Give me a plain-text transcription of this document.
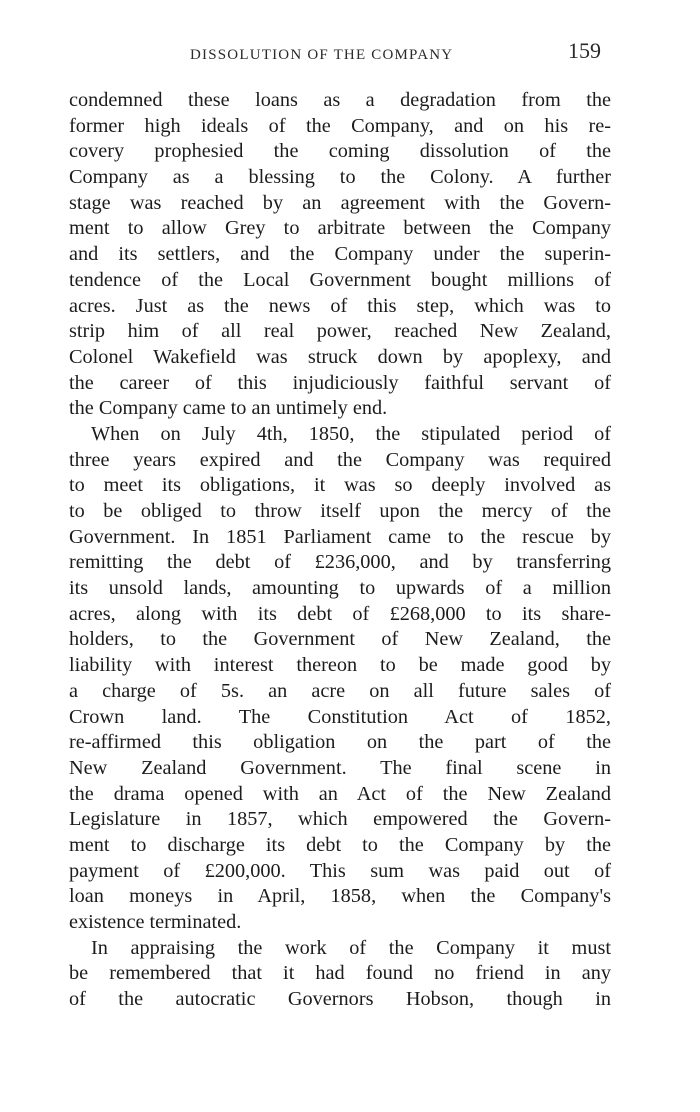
DISSOLUTION OF THE COMPANY	159
condemned these loans as a degradation from the
former high ideals of the Company, and on his re-
covery prophesied the coming dissolution of the
Company as a blessing to the Colony. A further
stage was reached by an agreement with the Govern-
ment to allow Grey to arbitrate between the Company
and its settlers, and the Company under the superin-
tendence of the Local Government bought millions of
acres. Just as the news of this step, which was to
strip him of all real power, reached New Zealand,
Colonel Wakefield was struck down by apoplexy, and
the career of this injudiciously faithful servant of
the Company came to an untimely end.
When on July 4th, 1850, the stipulated period of
three years expired and the Company was required
to meet its obligations, it was so deeply involved as
to be obliged to throw itself upon the mercy of the
Government. In 1851 Parliament came to the rescue by
remitting the debt of £236,000, and by transferring
its unsold lands, amounting to upwards of a million
acres, along with its debt of £268,000 to its share-
holders, to the Government of New Zealand, the
liability with interest thereon to be made good by
a charge of 5s. an acre on all future sales of
Crown land. The Constitution Act of 1852,
re-affirmed this obligation on the part of the
New Zealand Government. The final scene in
the drama opened with an Act of the New Zealand
Legislature in 1857, which empowered the Govern-
ment to discharge its debt to the Company by the
payment of £200,000. This sum was paid out of
loan moneys in April, 1858, when the Company's
existence terminated.
In appraising the work of the Company it must
be remembered that it had found no friend in any
of the autocratic Governors Hobson, though in
